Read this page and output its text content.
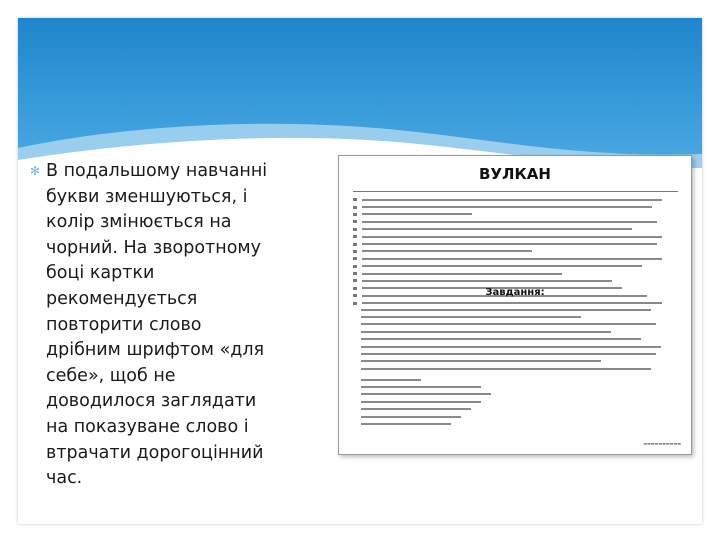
✻ В подальшому навчанні
букви зменшуються, і
колір змінюється на
чорний. На зворотному
боці картки
рекомендується
повторити слово
дрібним шрифтом «для
себе», щоб не
доводилося заглядати
на показуване слово і
втрачати дорогоцінний
час.

ВУЛКАН
Завдання:
▬▬▬▬▬▬▬▬▬▬
